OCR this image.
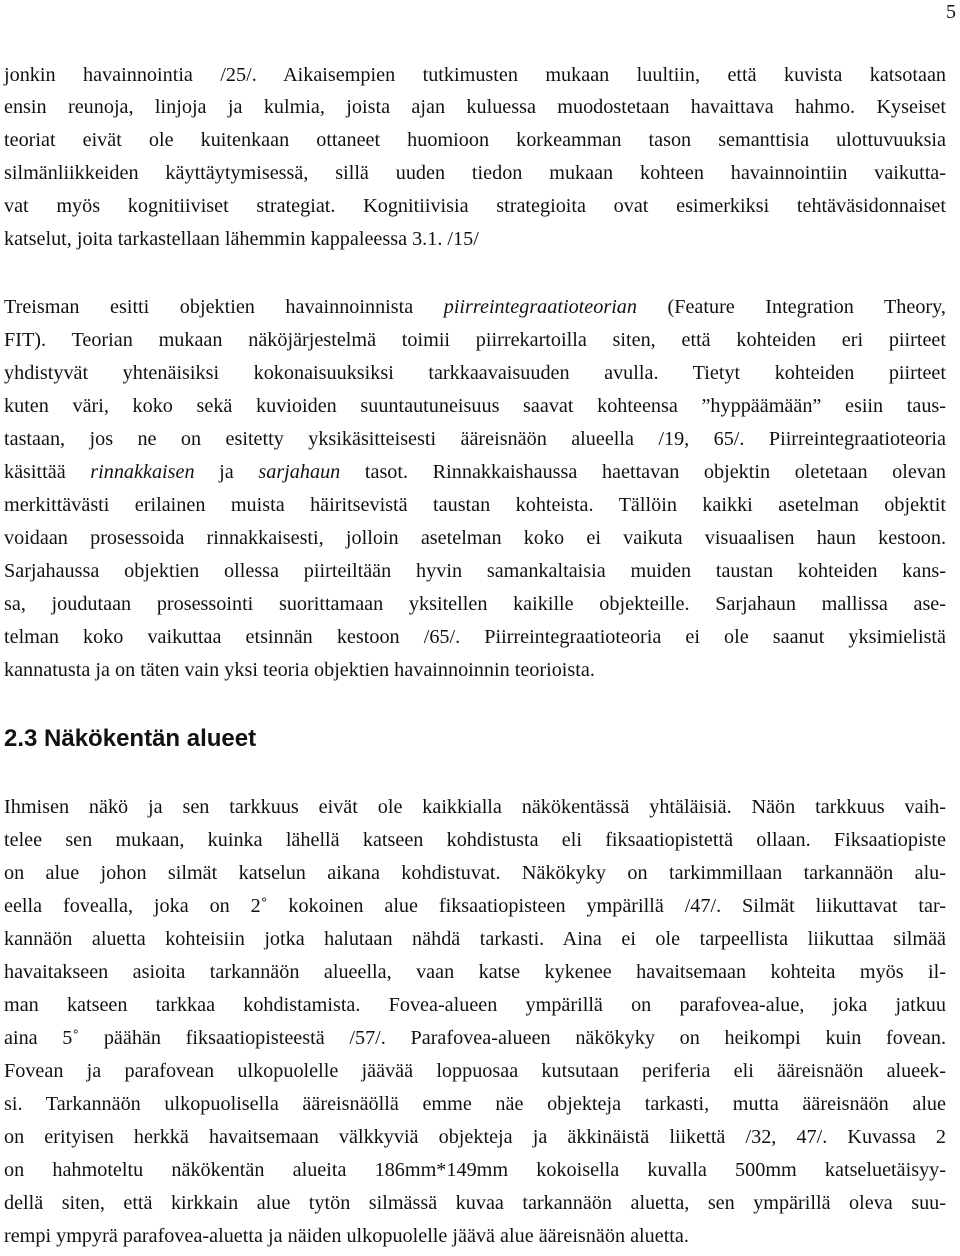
5
jonkin havainnointia /25/. Aikaisempien tutkimusten mukaan luultiin, että kuvista katsotaan
ensin reunoja, linjoja ja kulmia, joista ajan kuluessa muodostetaan havaittava hahmo. Kyseiset
teoriat eivät ole kuitenkaan ottaneet huomioon korkeamman tason semanttisia ulottuvuuksia
silmänliikkeiden käyttäytymisessä, sillä uuden tiedon mukaan kohteen havainnointiin vaikutta-
vat myös kognitiiviset strategiat. Kognitiivisia strategioita ovat esimerkiksi tehtäväsidonnaiset
katselut, joita tarkastellaan lähemmin kappaleessa 3.1. /15/
Treisman esitti objektien havainnoinnista piirreintegraatioteorian (Feature Integration Theory,
FIT). Teorian mukaan näköjärjestelmä toimii piirrekartoilla siten, että kohteiden eri piirteet
yhdistyvät yhtenäisiksi kokonaisuuksiksi tarkkaavaisuuden avulla. Tietyt kohteiden piirteet
kuten väri, koko sekä kuvioiden suuntautuneisuus saavat kohteensa ”hyppäämään” esiin taus-
tastaan, jos ne on esitetty yksikäsitteisesti ääreisnäön alueella /19, 65/. Piirreintegraatioteoria
käsittää rinnakkaisen ja sarjahaun tasot. Rinnakkaishaussa haettavan objektin oletetaan olevan
merkittävästi erilainen muista häiritsevistä taustan kohteista. Tällöin kaikki asetelman objektit
voidaan prosessoida rinnakkaisesti, jolloin asetelman koko ei vaikuta visuaalisen haun kestoon.
Sarjahaussa objektien ollessa piirteiltään hyvin samankaltaisia muiden taustan kohteiden kans-
sa, joudutaan prosessointi suorittamaan yksitellen kaikille objekteille. Sarjahaun mallissa ase-
telman koko vaikuttaa etsinnän kestoon /65/. Piirreintegraatioteoria ei ole saanut yksimielistä
kannatusta ja on täten vain yksi teoria objektien havainnoinnin teorioista.
2.3 Näkökentän alueet
Ihmisen näkö ja sen tarkkuus eivät ole kaikkialla näkökentässä yhtäläisiä. Näön tarkkuus vaih-
telee sen mukaan, kuinka lähellä katseen kohdistusta eli fiksaatiopistettä ollaan. Fiksaatiopiste
on alue johon silmät katselun aikana kohdistuvat. Näkökyky on tarkimmillaan tarkannäön alu-
eella fovealla, joka on 2˚ kokoinen alue fiksaatiopisteen ympärillä /47/. Silmät liikuttavat tar-
kannäön aluetta kohteisiin jotka halutaan nähdä tarkasti. Aina ei ole tarpeellista liikuttaa silmää
havaitakseen asioita tarkannäön alueella, vaan katse kykenee havaitsemaan kohteita myös il-
man katseen tarkkaa kohdistamista. Fovea-alueen ympärillä on parafovea-alue, joka jatkuu
aina 5˚ päähän fiksaatiopisteestä /57/. Parafovea-alueen näkökyky on heikompi kuin fovean.
Fovean ja parafovean ulkopuolelle jäävää loppuosaa kutsutaan periferia eli ääreisnäön alueek-
si. Tarkannäön ulkopuolisella ääreisnäöllä emme näe objekteja tarkasti, mutta ääreisnäön alue
on erityisen herkkä havaitsemaan välkkyviä objekteja ja äkkinäistä liikettä /32, 47/. Kuvassa 2
on hahmoteltu näkökentän alueita 186mm*149mm kokoisella kuvalla 500mm katseluetäisyy-
dellä siten, että kirkkain alue tytön silmässä kuvaa tarkannäön aluetta, sen ympärillä oleva suu-
rempi ympyrä parafovea-aluetta ja näiden ulkopuolelle jäävä alue ääreisnäön aluetta.
